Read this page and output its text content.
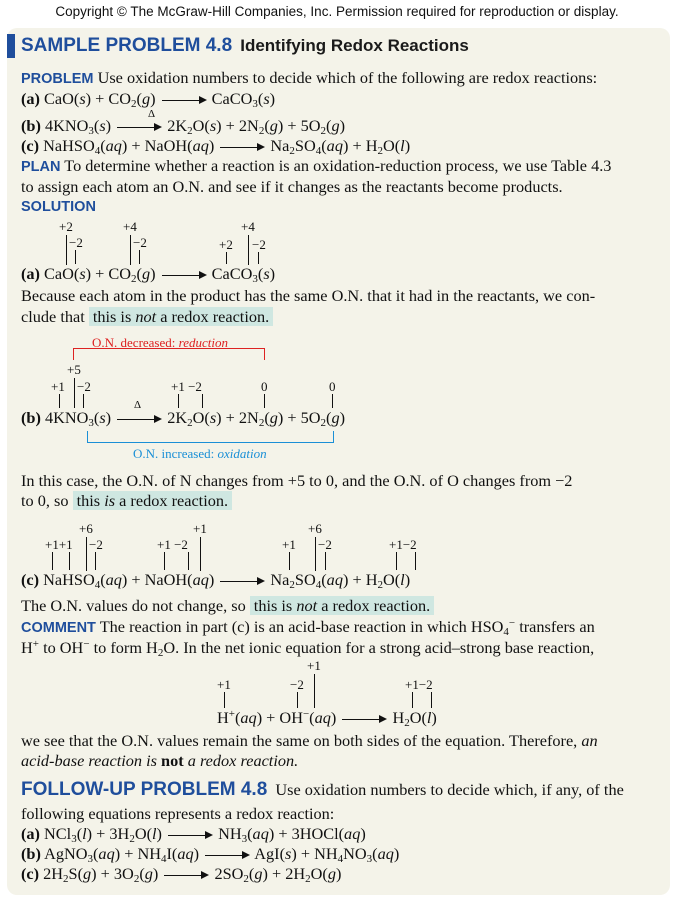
Copyright © The McGraw-Hill Companies, Inc. Permission required for reproduction or display.
SAMPLE PROBLEM 4.8 Identifying Redox Reactions
PROBLEM Use oxidation numbers to decide which of the following are redox reactions:
(a) $CaO(s) + CO_2(g)$	CaCO$_3$(s)
Δ
(b) $4KNO_3(s)$	$2K_2O(s) + 2N_2(g) + 5O_2(g)$
(c) NaHSO$_4$(aq) + NaOH(aq)	$Na_2SO_4(aq) + H_2O(l)$
PLAN To determine whether a reaction is an oxidation-reduction process, we use Table 4.3
to assign each atom an O.N. and see if it changes as the reactants become products.
SOLUTION
+2
−2
+4
−2
+4
+2 −2
(a) $CaO(s) + CO_2(g)$	CaCO$_3$(s)
Because each atom in the product has the same O.N. that it had in the reactants, we con-
clude that this is not a redox reaction.
O.N. decreased: reduction
+5
+1 −2	+1 −2	0	0
Δ
(b) $4KNO_3(s)$	$2K_2O(s) + 2N_2(g) + 5O_2(g)$
O.N. increased: oxidation
In this case, the O.N. of N changes from +5 to 0, and the O.N. of O changes from −2
to 0, so this is a redox reaction.
+6
+1+1 −2
+1
+1 −2
+6
+1 −2	+1−2
(c) NaHSO$_4$(aq) + NaOH(aq)	$Na_2SO_4(aq) + H_2O(l)$
The O.N. values do not change, so this is not a redox reaction.
COMMENT The reaction in part (c) is an acid-base reaction in which $HSO_4^-$ transfers an
H+ to OH− to form $H_2O$. In the net ionic equation for a strong acid–strong base reaction,
+1
+1	−2	+1−2
H+(aq) + OH−(aq)	$H_2O(l)$
we see that the O.N. values remain the same on both sides of the equation. Therefore, an
acid-base reaction is not a redox reaction.
FOLLOW-UP PROBLEM 4.8 Use oxidation numbers to decide which, if any, of the
following equations represents a redox reaction:
(a) $NCl_3(l) + 3H_2O(l)$	$NH_3(aq)$ + 3HOCl(aq)
(b) AgNO$_3$(aq) + $NH_4I(aq)$	$AgI(s) + NH_4NO_3(aq)$
(c) $2H_2S(g) + 3O_2(g)$	$2SO_2(g) + 2H_2O(g)$
